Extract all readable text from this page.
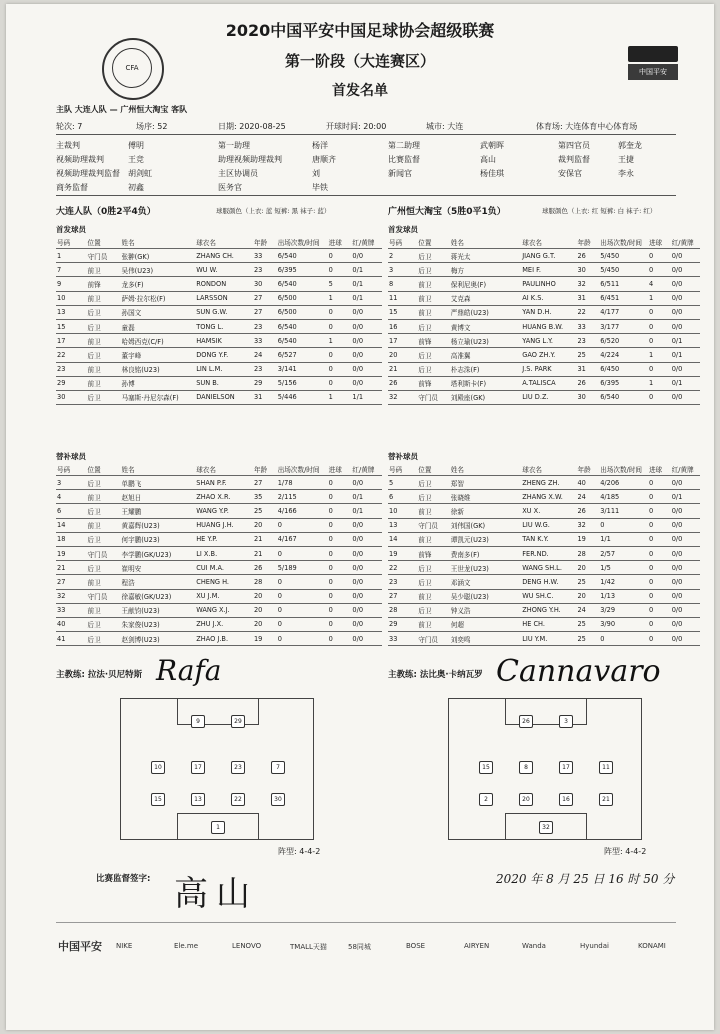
CFA	中国平安
2020中国平安中国足球协会超级联赛
第一阶段（大连赛区）
首发名单
主队 大连人队 — 广州恒大淘宝 客队
轮次: 7	场序: 52	日期: 2020-08-25	开球时间: 20:00	城市: 大连	体育场: 大连体育中心体育场
主裁判	傅明	第一助理	杨洋	第二助理	武朝晖	第四官员	郭奎龙
视频助理裁判	王竞	助理视频助理裁判	唐顺齐	比赛监督	高山	裁判监督	王捷
视频助理裁判监督 胡剑虹	主区协调员	刘	新闻官	杨佳琪	安保官	李永
商务监督	初鑫	医务官	毕铁
大连人队（0胜2平4负）	球服颜色（上衣: 蓝 短裤: 黑 袜子: 蓝）	广州恒大淘宝（5胜0平1负）	球服颜色（上衣: 红 短裤: 白 袜子: 红）
首发球员	首发球员
替补球员	替补球员
号码	位置	姓名	球衣名	年龄	出场次数/时间	进球	红/黄牌
1	守门员	张翀(GK)	ZHANG CH.	33	6/540	0	0/0
7	前卫	吴伟(U23)	WU W.	23	6/395	0	0/1
9	前锋	龙多(F)	RONDON	30	6/540	5	0/1
10	前卫	萨姆·拉尔松(F)	LARSSON	27	6/500	1	0/1
13	后卫	孙国文	SUN G.W.	27	6/500	0	0/0
15	后卫	童磊	TONG L.	23	6/540	0	0/0
17	前卫	哈姆西克(C/F)	HAMSIK	33	6/540	1	0/0
22	后卫	董宇峰	DONG Y.F.	24	6/527	0	0/0
23	前卫	林良铭(U23)	LIN L.M.	23	3/141	0	0/0
29	前卫	孙博	SUN B.	29	5/156	0	0/0
30	后卫	马塞斯·丹尼尔森(F)	DANIELSON	31	5/446	1	1/1
号码	位置	姓名	球衣名	年龄	出场次数/时间	进球	红/黄牌
2	后卫	蒋光太	JIANG G.T.	26	5/450	0	0/0
3	后卫	梅方	MEI F.	30	5/450	0	0/0
8	前卫	保利尼奥(F)	PAULINHO	32	6/511	4	0/0
11	前卫	艾克森	AI K.S.	31	6/451	1	0/0
15	前卫	严鼎皓(U23)	YAN D.H.	22	4/177	0	0/0
16	后卫	黄博文	HUANG B.W.	33	3/177	0	0/0
17	前锋	杨立瑜(U23)	YANG L.Y.	23	6/520	0	0/1
20	后卫	高准翼	GAO ZH.Y.	25	4/224	1	0/1
21	后卫	朴志洙(F)	J.S. PARK	31	6/450	0	0/0
26	前锋	塔利斯卡(F)	A.TALISCA	26	6/395	1	0/1
32	守门员	刘殿座(GK)	LIU D.Z.	30	6/540	0	0/0
号码	位置	姓名	球衣名	年龄	出场次数/时间	进球	红/黄牌
3	后卫	单鹏飞	SHAN P.F.	27	1/78	0	0/0
4	前卫	赵旭日	ZHAO X.R.	35	2/115	0	0/1
6	后卫	王耀鹏	WANG Y.P.	25	4/166	0	0/1
14	前卫	黄嘉辉(U23)	HUANG J.H.	20	0	0	0/0
18	后卫	何宇鹏(U23)	HE Y.P.	21	4/167	0	0/0
19	守门员	李学鹏(GK/U23)	LI X.B.	21	0	0	0/0
21	后卫	崔明安	CUI M.A.	26	5/189	0	0/0
27	前卫	程浩	CHENG H.	28	0	0	0/0
32	守门员	徐嘉敏(GK/U23)	XU J.M.	20	0	0	0/0
33	前卫	王献钧(U23)	WANG X.J.	20	0	0	0/0
40	后卫	朱家俊(U23)	ZHU J.X.	20	0	0	0/0
41	后卫	赵剑博(U23)	ZHAO J.B.	19	0	0	0/0
号码	位置	姓名	球衣名	年龄	出场次数/时间	进球	红/黄牌
5	后卫	郑智	ZHENG ZH.	40	4/206	0	0/0
6	后卫	张晓维	ZHANG X.W.	24	4/185	0	0/1
10	前卫	徐新	XU X.	26	3/111	0	0/0
13	守门员	刘伟国(GK)	LIU W.G.	32	0	0	0/0
14	前卫	谭凯元(U23)	TAN K.Y.	19	1/1	0	0/0
19	前锋	费南多(F)	FER.ND.	28	2/57	0	0/0
22	后卫	王世龙(U23)	WANG SH.L.	20	1/5	0	0/0
23	后卫	邓涵文	DENG H.W.	25	1/42	0	0/0
27	前卫	吴少聪(U23)	WU SH.C.	20	1/13	0	0/0
28	后卫	钟义浩	ZHONG Y.H.	24	3/29	0	0/0
29	前卫	何超	HE CH.	25	3/90	0	0/0
33	守门员	刘奕鸣	LIU Y.M.	25	0	0	0/0
主教练: 拉法·贝尼特斯	主教练: 法比奥·卡纳瓦罗
Rafa	Cannavaro
1
15	13	22	30
10	17	23	7
9	29
32
2	20	16	21
15	8	17	11
26	3
阵型: 4-4-2	阵型: 4-4-2
比赛监督签字: 高山	2020 年 8 月 25 日 16 时 50 分
中国平安 NIKE	Ele.me	LENOVO	TMALL天猫	58同城	BOSE	AIRYEN	Wanda	Hyundai	KONAMI
